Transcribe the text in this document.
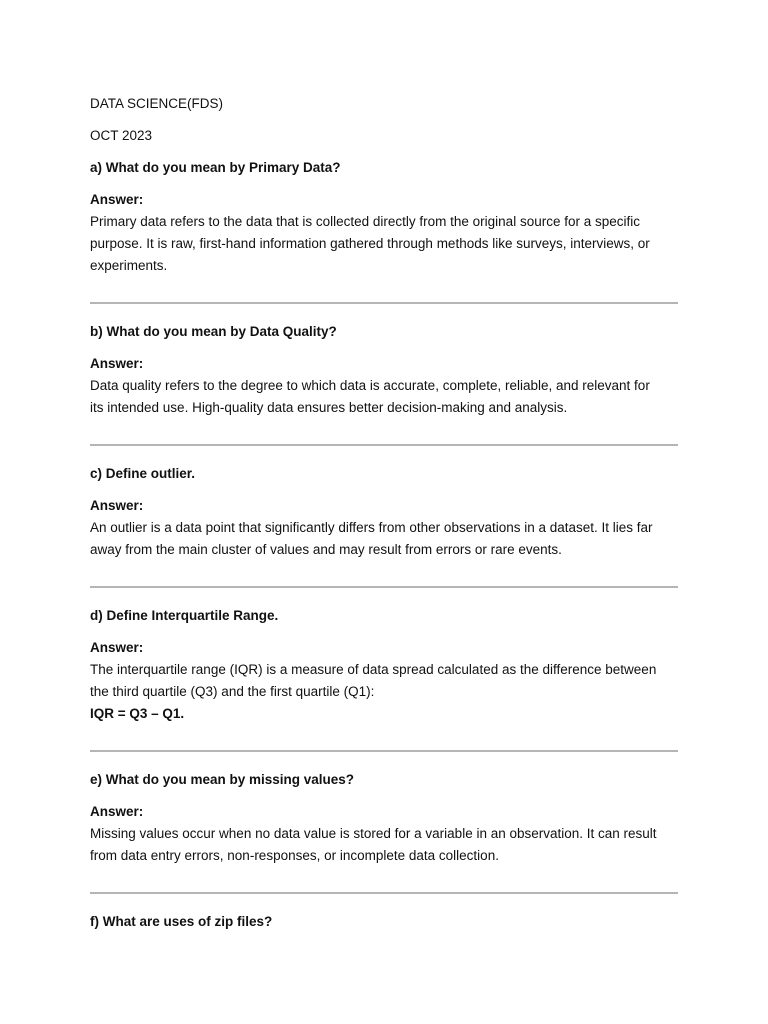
DATA SCIENCE(FDS)

OCT 2023

a) What do you mean by Primary Data?

Answer:

Primary data refers to the data that is collected directly from the original source for a specific

purpose. It is raw, first-hand information gathered through methods like surveys, interviews, or

experiments.

b) What do you mean by Data Quality?

Answer:

Data quality refers to the degree to which data is accurate, complete, reliable, and relevant for

its intended use. High-quality data ensures better decision-making and analysis.

c) Define outlier.

Answer:

An outlier is a data point that significantly differs from other observations in a dataset. It lies far

away from the main cluster of values and may result from errors or rare events.

d) Define Interquartile Range.

Answer:

The interquartile range (IQR) is a measure of data spread calculated as the difference between

the third quartile (Q3) and the first quartile (Q1):

IQR = Q3 – Q1.

e) What do you mean by missing values?

Answer:

Missing values occur when no data value is stored for a variable in an observation. It can result

from data entry errors, non-responses, or incomplete data collection.

f) What are uses of zip files?
